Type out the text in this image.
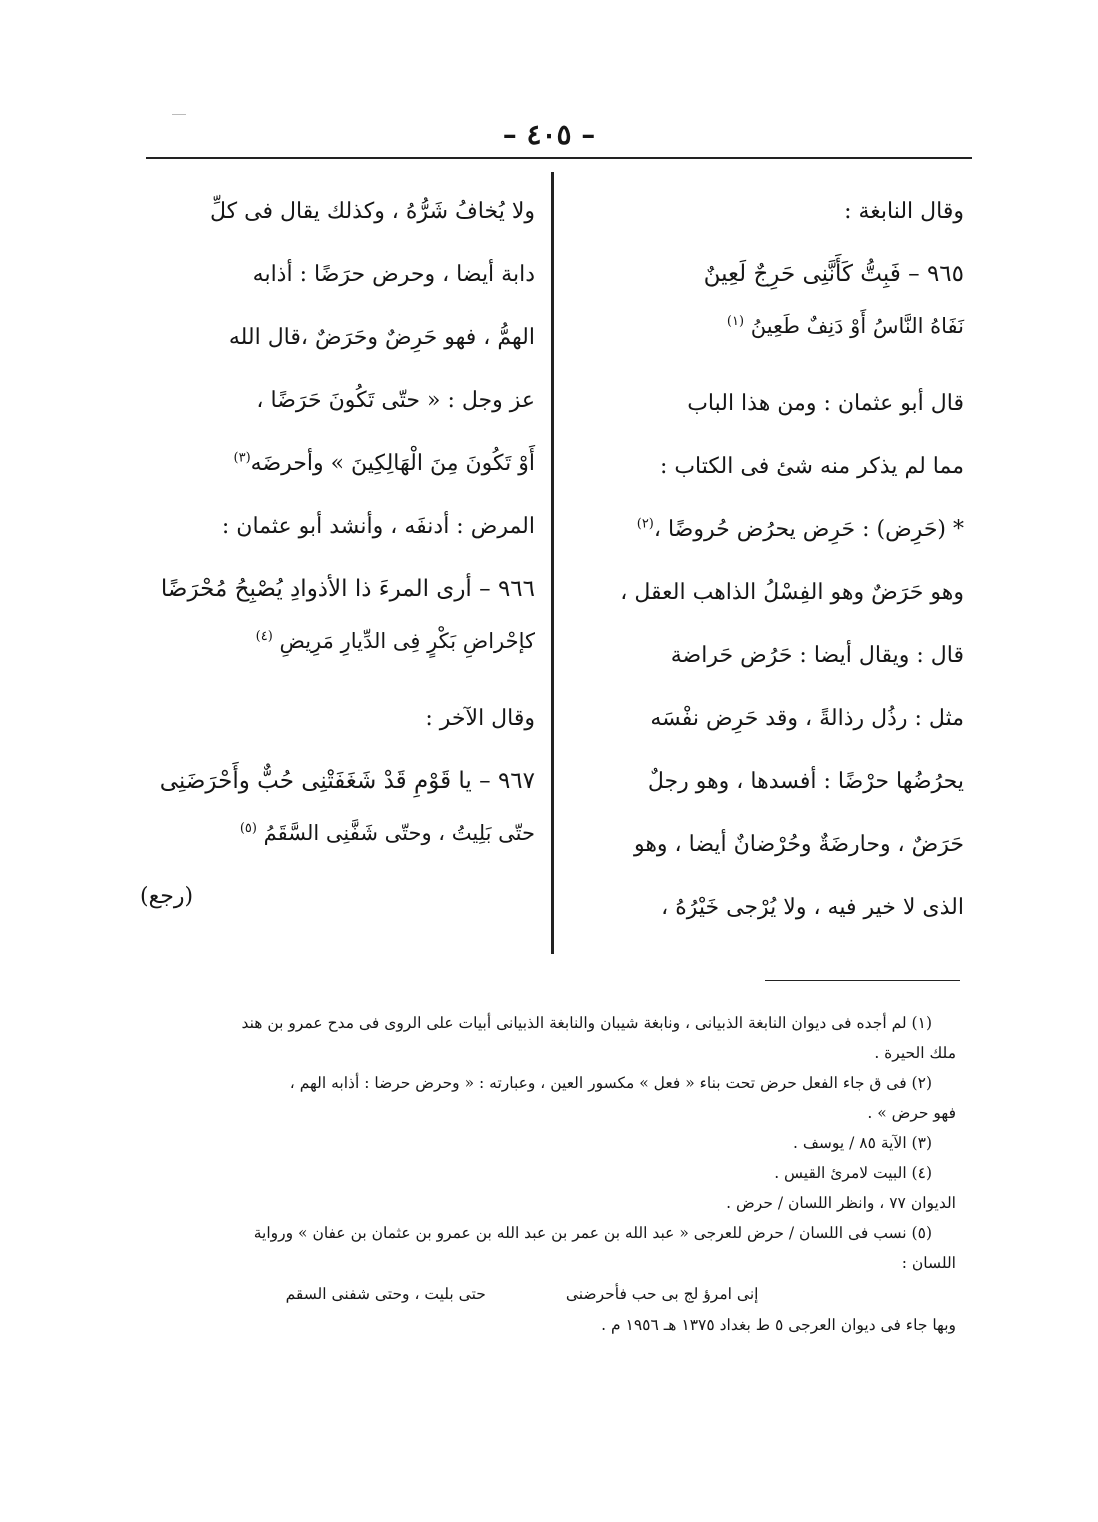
– ٤٠٥ –
وقال النابغة :
٩٦٥ – فَبِتُّ كَأَنَّنِى حَرِجٌ لَعِينٌ
نَفَاهُ النَّاسُ أَوْ دَنِفٌ طَعِينُ $^{(١)}$
قال أبو عثمان : ومن هذا الباب
مما لم يذكر منه شئ فى الكتاب :
* (حَرِض) : حَرِض يحرُض حُروضًا ،$^{(٢)}$
وهو حَرَضٌ وهو الفِسْلُ الذاهب العقل ،
قال : ويقال أيضا : حَرُض حَراضة
مثل : رذُل رذالةً ، وقد حَرِض نفْسَه
يحرُضُها حرْضًا : أفسدها ، وهو رجلٌ
حَرَضٌ ، وحارضَةٌ وحُرْضانٌ أيضا ، وهو
الذى لا خير فيه ، ولا يُرْجى خَيْرُهُ ،
ولا يُخافُ شَرُّهُ ، وكذلك يقال فى كلِّ
دابة أيضا ، وحرض حرَضًا : أذابه
الهمُّ ، فهو حَرِضٌ وحَرَضٌ ،قال الله
عز وجل : « حتّى تَكُونَ حَرَضًا ،
أَوْ تَكُونَ مِنَ الْهَالِكِينَ » وأحرضَه$^{(٣)}$
المرض : أدنفَه ، وأنشد أبو عثمان :
٩٦٦ – أرى المرءَ ذا الأذوادِ يُصْبِحُ مُحْرَضًا
كإحْراضِ بَكْرٍ فِى الدِّيارِ مَرِيضِ $^{(٤)}$
وقال الآخر :
٩٦٧ – يا قَوْمِ قَدْ شَغَفَتْنِى حُبٌّ وأَحْرَضَنِى
حتّى بَلِيتُ ، وحتّى شَفَّنِى السَّقَمُ $^{(٥)}$
(رجع)
(١) لم أجده فى ديوان النابغة الذبيانى ، ونابغة شيبان والنابغة الذبيانى أبيات على الروى فى مدح عمرو بن هند
ملك الحيرة .
(٢) فى ق جاء الفعل حرض تحت بناء « فعل » مكسور العين ، وعبارته : « وحرض حرضا : أذابه الهم ،
فهو حرض » .
(٣) الآية ٨٥ / يوسف .
(٤) البيت لامرئ القيس .
الديوان ٧٧ ، وانظر اللسان / حرض .
(٥) نسب فى اللسان / حرض للعرجى « عبد الله بن عمر بن عبد الله بن عمرو بن عثمان بن عفان » ورواية
اللسان :
إنى امرؤ لج بى حب فأحرضنى
حتى بليت ، وحتى شفنى السقم
وبها جاء فى ديوان العرجى ٥ ط بغداد ١٣٧٥ هـ ١٩٥٦ م .
